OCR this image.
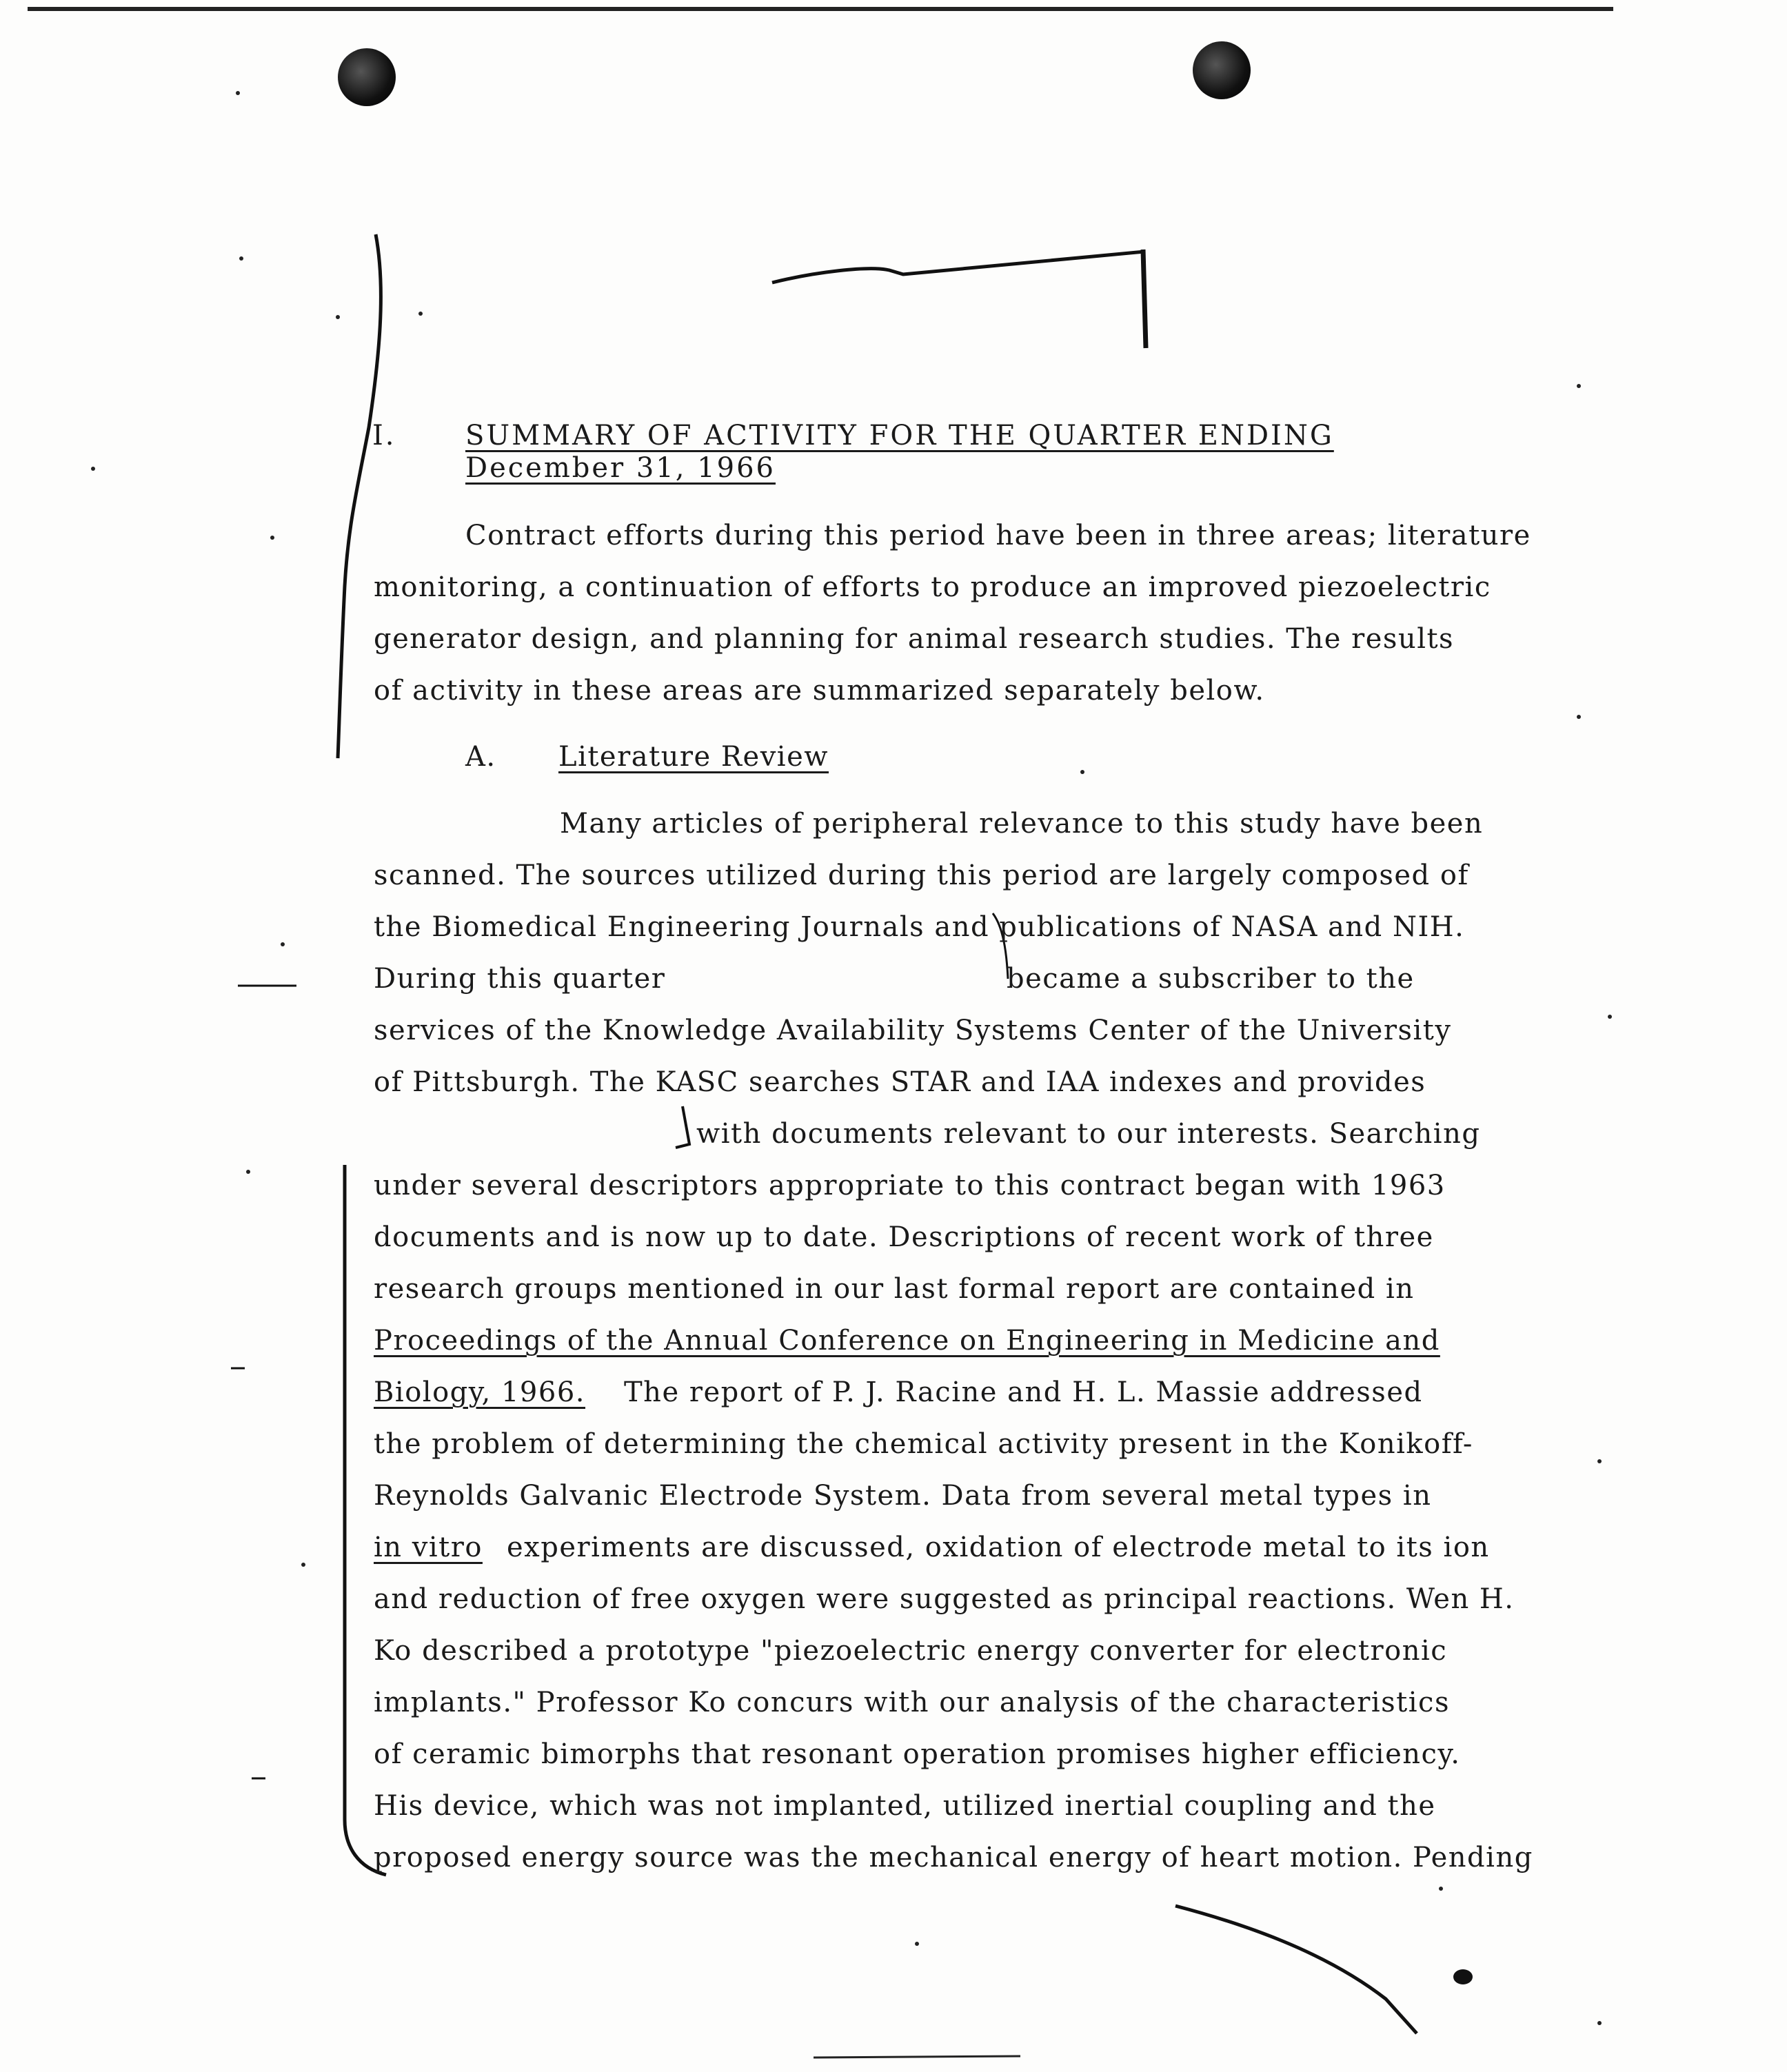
I.	SUMMARY OF ACTIVITY FOR THE QUARTER ENDING
December 31, 1966
Contract efforts during this period have been in three areas; literature
monitoring, a continuation of efforts to produce an improved piezoelectric
generator design, and planning for animal research studies. The results
of activity in these areas are summarized separately below.
A. Literature Review
Many articles of peripheral relevance to this study have been
scanned. The sources utilized during this period are largely composed of
the Biomedical Engineering Journals and publications of NASA and NIH.
During this quarter	became a subscriber to the
services of the Knowledge Availability Systems Center of the University
of Pittsburgh. The KASC searches STAR and IAA indexes and provides
with documents relevant to our interests. Searching
under several descriptors appropriate to this contract began with 1963
documents and is now up to date. Descriptions of recent work of three
research groups mentioned in our last formal report are contained in
Proceedings of the Annual Conference on Engineering in Medicine and
Biology, 1966. The report of P. J. Racine and H. L. Massie addressed
the problem of determining the chemical activity present in the Konikoff-
Reynolds Galvanic Electrode System. Data from several metal types in
in vitro experiments are discussed, oxidation of electrode metal to its ion
and reduction of free oxygen were suggested as principal reactions. Wen H.
Ko described a prototype "piezoelectric energy converter for electronic
implants." Professor Ko concurs with our analysis of the characteristics
of ceramic bimorphs that resonant operation promises higher efficiency.
His device, which was not implanted, utilized inertial coupling and the
proposed energy source was the mechanical energy of heart motion. Pending
